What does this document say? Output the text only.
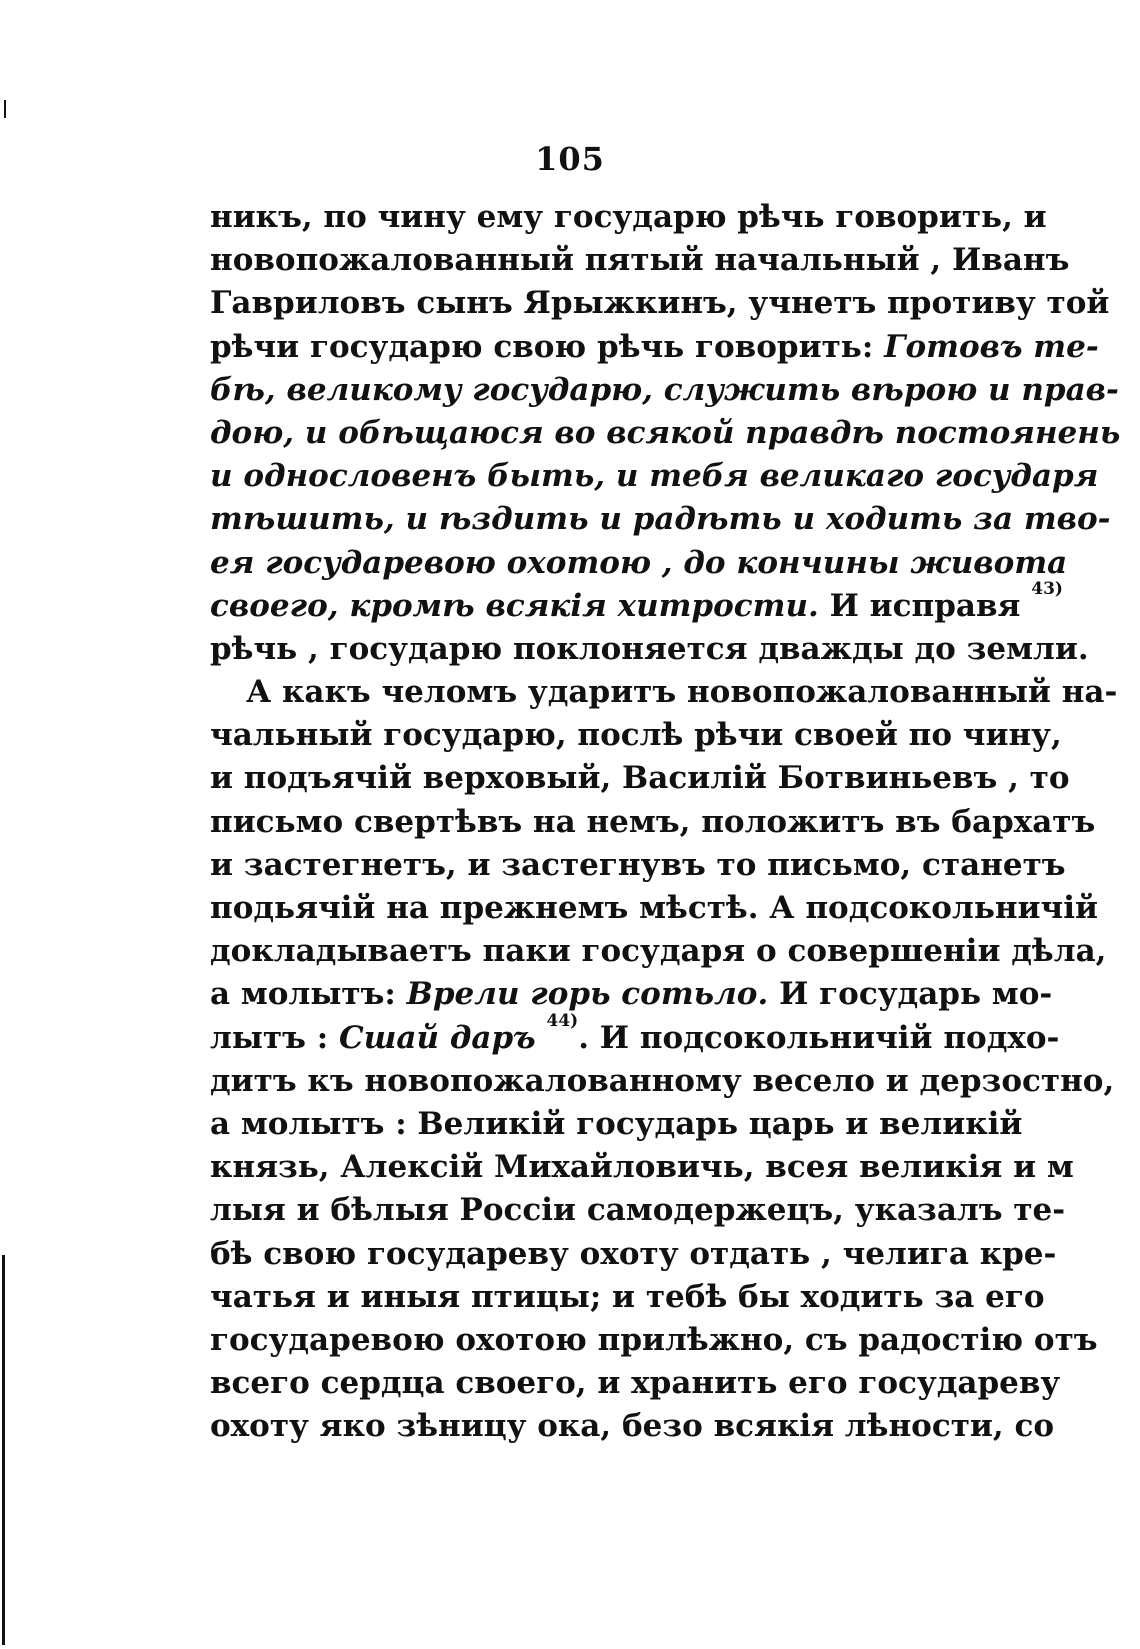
105
никъ, по чину ему государю рѣчь говорить, и
новопожалованный пятый начальный , Иванъ
Гавриловъ сынъ Ярыжкинъ, учнетъ противу той
рѣчи государю свою рѣчь говорить: Готовъ те-
бѣ, великому государю, служить вѣрою и прав-
дою, и обѣщаюся во всякой правдѣ постоянень
и однословенъ быть, и тебя великаго государя
тѣшить, и ѣздить и радѣть и ходить за тво-
ея государевою охотою , до кончины живота
своего, кромѣ всякія хитрости. И исправя $^{43)}$
рѣчь , государю поклоняется дважды до земли.
А какъ челомъ ударитъ новопожалованный на-
чальный государю, послѣ рѣчи своей по чину,
и подъячій верховый, Василій Ботвиньевъ , то
письмо свертѣвъ на немъ, положитъ въ бархатъ
и застегнетъ, и застегнувъ то письмо, станетъ
подьячій на прежнемъ мѣстѣ. А подсокольничій
докладываетъ паки государя о совершеніи дѣла,
а молытъ: Врели горь сотьло. И государь мо-
лытъ : Сшай даръ $^{44)}$. И подсокольничій подхо-
дитъ къ новопожалованному весело и дерзостно,
а молытъ : Великій государь царь и великій
князь, Алексій Михайловичь, всея великія и м
лыя и бѣлыя Россіи самодержецъ, указалъ те-
бѣ свою государеву охоту отдать , челига кре-
чатья и иныя птицы; и тебѣ бы ходить за его
государевою охотою прилѣжно, съ радостію отъ
всего сердца своего, и хранить его государеву
охоту яко зѣницу ока, безо всякія лѣности, со
